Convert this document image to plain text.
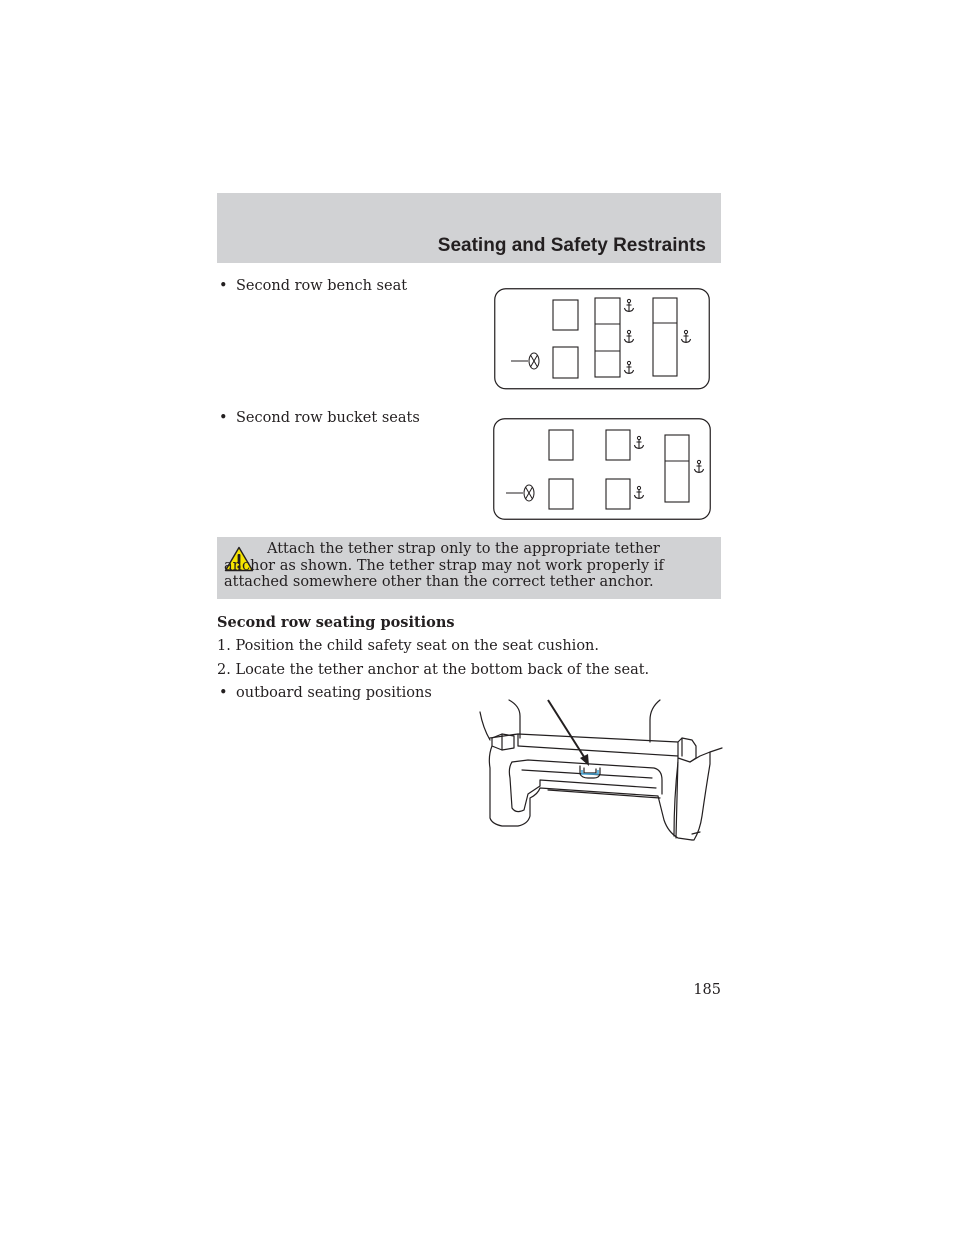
Seating and Safety Restraints
• Second row bench seat
• Second row bucket seats
Attach the tether strap only to the appropriate tether anchor as shown. The tether strap may not work properly if attached somewhere other than the correct tether anchor.
Second row seating positions
1. Position the child safety seat on the seat cushion.
2. Locate the tether anchor at the bottom back of the seat.
• outboard seating positions
185
